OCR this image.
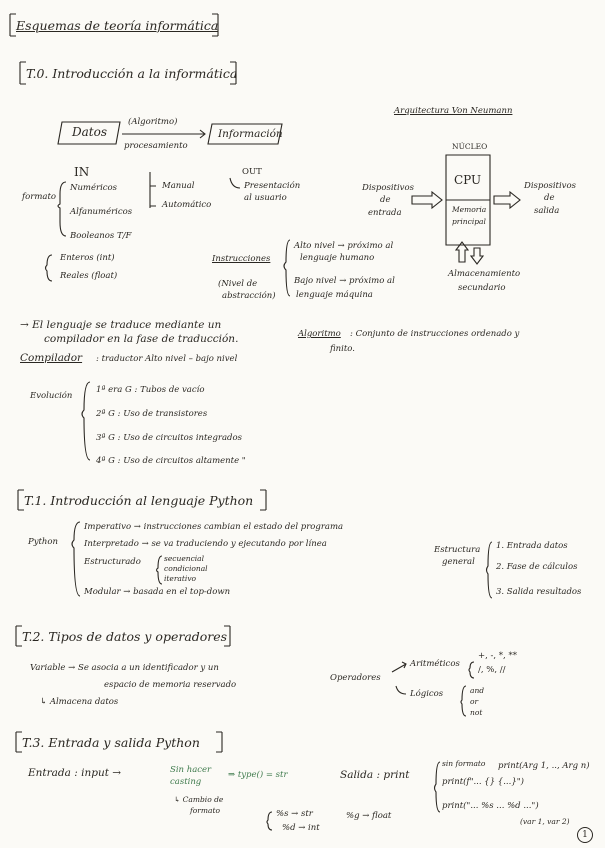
Esquemas de teoría informática
1
T.0. Introducción a la informática
Datos
(Algoritmo)
procesamiento
Información
IN	OUT
formato
Numéricos
Alfanuméricos
Booleanos T/F
Manual
Automático
Presentación
al usuario
Enteros (int)
Reales (float)
Instrucciones
(Nivel de
abstracción)
Alto nivel → próximo al
lenguaje humano
Bajo nivel → próximo al
lenguaje máquina
Arquitectura Von Neumann
NÚCLEO
CPU
Memoria
principal
Dispositivos
de
entrada
Dispositivos
de
salida
Almacenamiento
secundario
→ El lenguaje se traduce mediante un
compilador en la fase de traducción.
Compilador : traductor Alto nivel – bajo nivel
Algoritmo : Conjunto de instrucciones ordenado y
finito.
Evolución
1ª era G : Tubos de vacío
2ª G : Uso de transistores
3ª G : Uso de circuitos integrados
4ª G : Uso de circuitos altamente "
T.1. Introducción al lenguaje Python
Python
Imperativo → instrucciones cambian el estado del programa
Interpretado → se va traduciendo y ejecutando por línea
Estructurado	secuencial
condicional
iterativo
Modular → basada en el top-down
Estructura
general
1. Entrada datos
2. Fase de cálculos
3. Salida resultados
T.2. Tipos de datos y operadores
Variable → Se asocia a un identificador y un
espacio de memoria reservado
↳ Almacena datos
Operadores
Aritméticos
+, -, *, **
/, %, //
Lógicos	and
or
not
T.3. Entrada y salida Python
Entrada : input →	Sin hacer
casting
⇒ type() = str
↳ Cambio de
formato	%s → str	%g → float
%d → int
Salida : print
sin formato print(Arg 1, .., Arg n)
print(f"... {} {...}")
print("... %s ... %d ...")
(var 1, var 2)
